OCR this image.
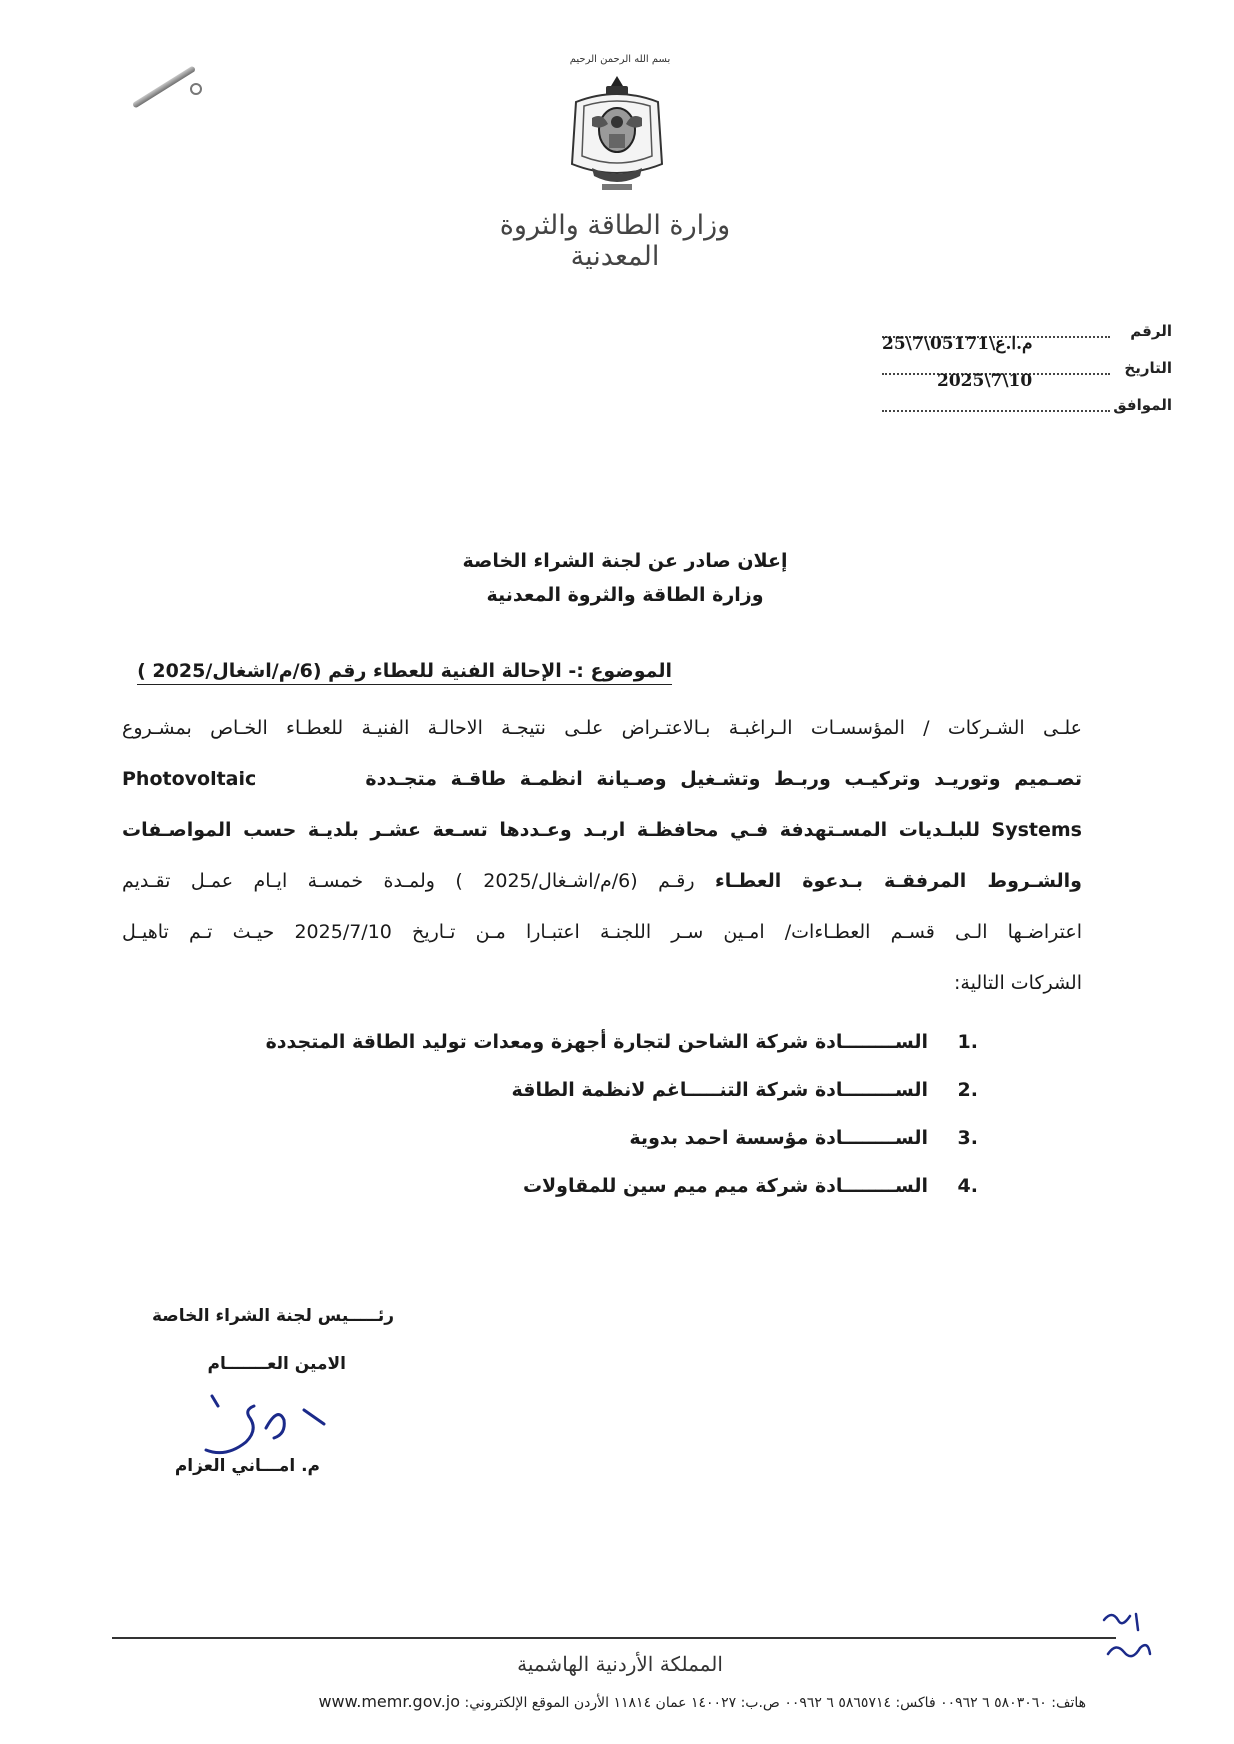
بسم الله الرحمن الرحيم
وزارة الطاقة والثروة المعدنية
الرقم
م.ا.ع\05171\7\25
التاريخ
2025\7\10
الموافق
إعلان صادر عن لجنة الشراء الخاصة
وزارة الطاقة والثروة المعدنية
الموضوع :- الإحالة الفنية للعطاء رقم (6/م/اشغال/2025 )
علـى الشـركات / المؤسسـات الـراغبـة بـالاعتـراض علـى نتيجـة الاحالـة الفنيـة للعطـاء الخـاص بمشـروع
تصـميم وتوريـد وتركيـب وربـط وتشـغيل وصـيانة انظمـة طاقـة متجـددة        Photovoltaic
Systems للبلـديات المسـتهدفة فـي محافظـة اربـد وعـددها تسـعة عشـر بلديـة حسب المواصـفات
والشـروط المرفقـة بـدعوة العطـاء رقـم (6/م/اشـغال/2025 ) ولمـدة خمسـة ايـام عمـل تقـديم
اعتراضـها الـى قسـم العطـاءات/ امـين سـر اللجنـة اعتبـارا مـن تـاريخ 2025/7/10 حيـث تـم تاهيـل
الشركات التالية:
1.الســــــــادة شركة الشاحن لتجارة أجهزة ومعدات توليد الطاقة المتجددة
2.الســــــــادة شركة التنـــــاغم لانظمة الطاقة
3.الســــــــادة مؤسسة احمد بدوية
4.الســــــــادة شركة ميم ميم سين للمقاولات
رئـــــيس لجنة الشراء الخاصة
الامين العـــــــام
م. امـــاني العزام
المملكة الأردنية الهاشمية
هاتف: ٥٨٠٣٠٦٠ ٦ ٠٠٩٦٢ فاكس: ٥٨٦٥٧١٤ ٦ ٠٠٩٦٢ ص.ب: ١٤٠٠٢٧ عمان ١١٨١٤ الأردن الموقع الإلكتروني: www.memr.gov.jo
